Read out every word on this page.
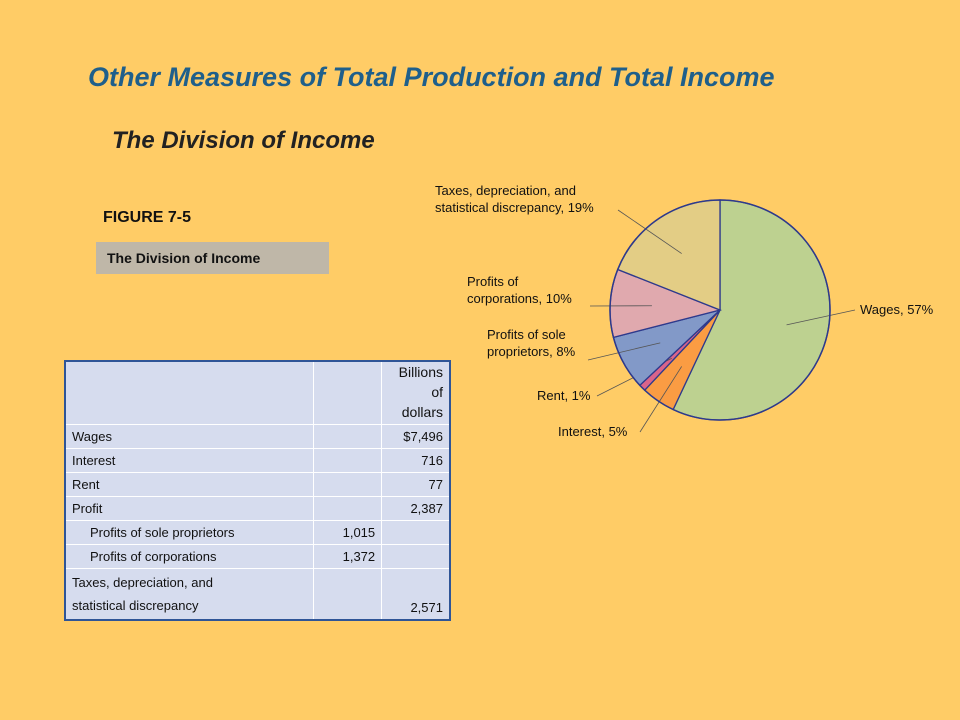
Other Measures of Total Production and Total Income
The Division of Income
FIGURE 7-5
The Division of Income
		Billions
of dollars
Wages		$7,496
Interest		716
Rent		77
Profit		2,387
Profits of sole proprietors	1,015	
Profits of corporations	1,372	
Taxes, depreciation, and
statistical discrepancy		2,571
Wages, 57%
Interest, 5%
Rent, 1%
Profits of sole proprietors, 8%
Profits of corporations, 10%
Taxes, depreciation, and statistical discrepancy, 19%
